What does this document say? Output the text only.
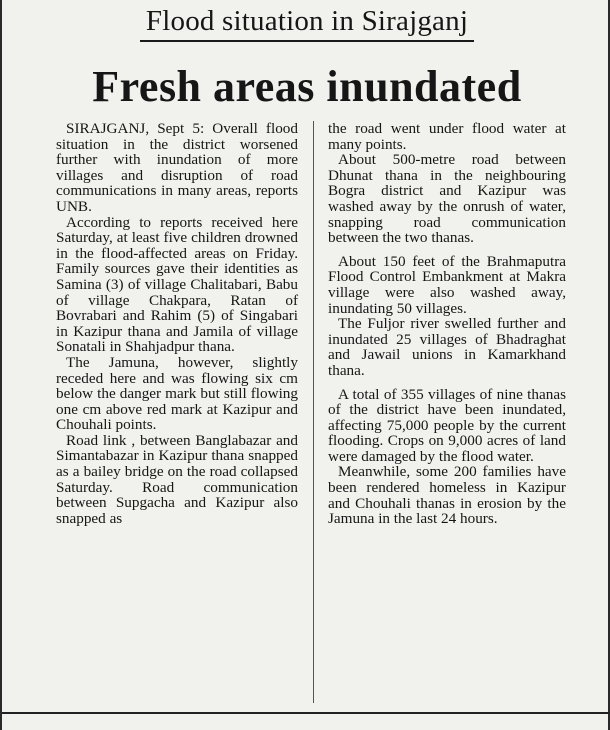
Flood situation in Sirajganj
Fresh areas inundated

SIRAJGANJ, Sept 5: Overall flood situation in the district worsened further with inundation of more villages and disruption of road communications in many areas, reports UNB.

According to reports received here Saturday, at least five children drowned in the flood-affected areas on Friday. Family sources gave their identities as Samina (3) of village Chalitabari, Babu of village Chakpara, Ratan of Bovrabari and Rahim (5) of Singabari in Kazipur thana and Jamila of village Sonatali in Shahjadpur thana.

The Jamuna, however, slightly receded here and was flowing six cm below the danger mark but still flowing one cm above red mark at Kazipur and Chouhali points.

Road link , between Banglabazar and Simantabazar in Kazipur thana snapped as a bailey bridge on the road collapsed Saturday. Road communication between Supgacha and Kazipur also snapped as

the road went under flood water at many points.

About 500-metre road between Dhunat thana in the neighbouring Bogra district and Kazipur was washed away by the onrush of water, snapping road communication between the two thanas.

About 150 feet of the Brahmaputra Flood Control Embankment at Makra village were also washed away, inundating 50 villages.

The Fuljor river swelled further and inundated 25 villages of Bhadraghat and Jawail unions in Kamarkhand thana.

A total of 355 villages of nine thanas of the district have been inundated, affecting 75,000 people by the current flooding. Crops on 9,000 acres of land were damaged by the flood water.

Meanwhile, some 200 families have been rendered homeless in Kazipur and Chouhali thanas in erosion by the Jamuna in the last 24 hours.
